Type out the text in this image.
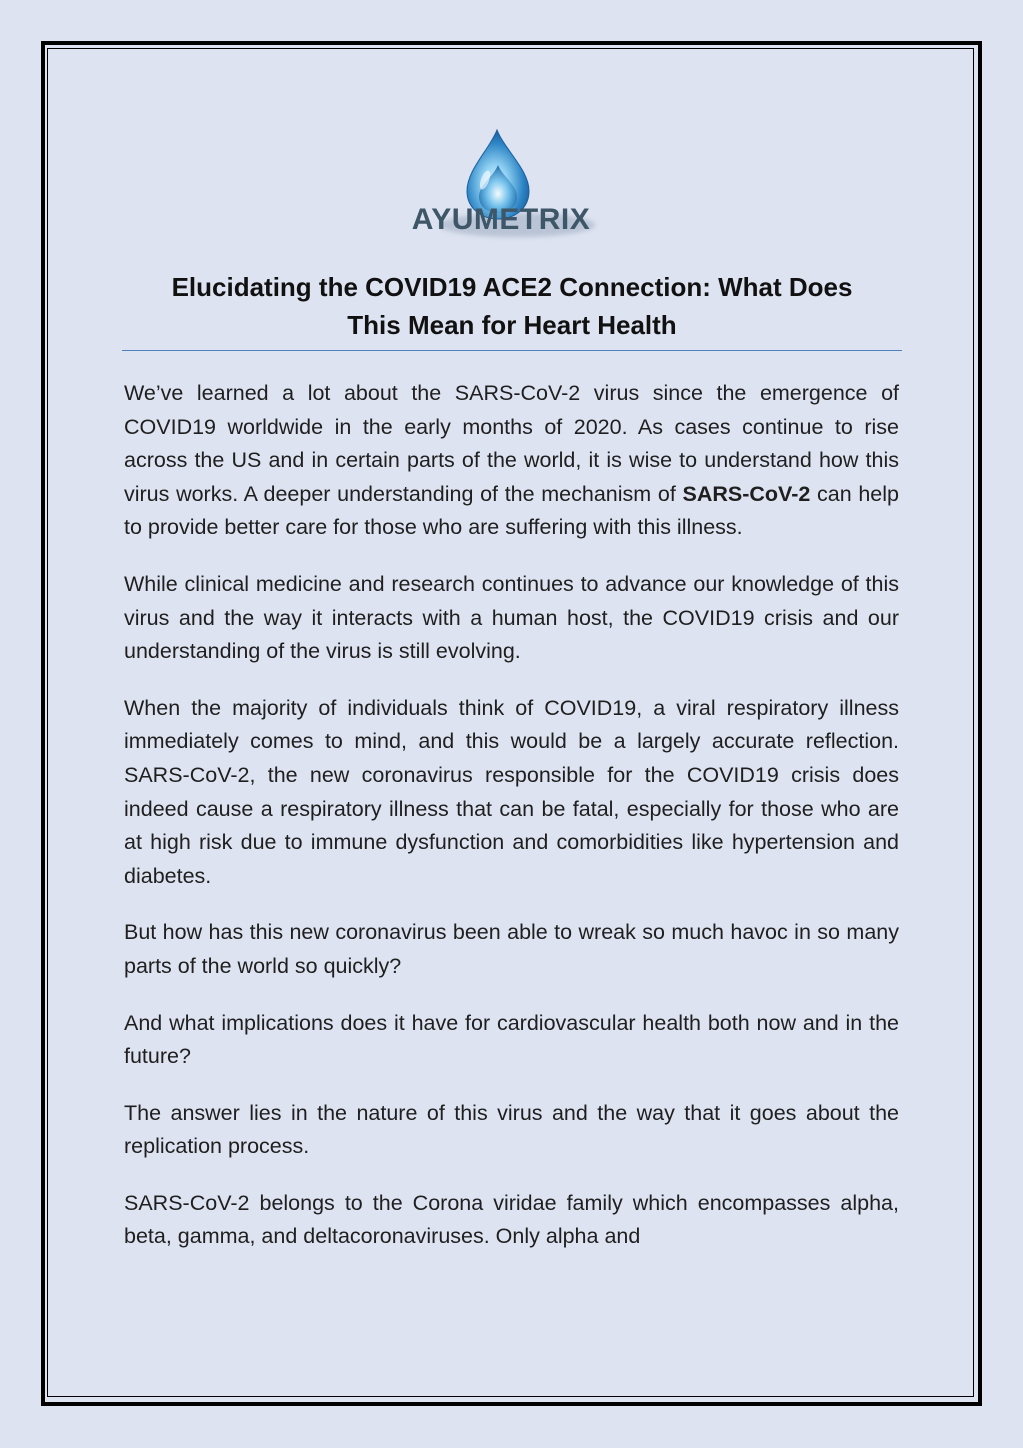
AYUMETRIX
Elucidating the COVID19 ACE2 Connection: What Does
This Mean for Heart Health

We’ve learned a lot about the SARS-CoV-2 virus since the emergence of COVID19 worldwide in the early months of 2020. As cases continue to rise across the US and in certain parts of the world, it is wise to understand how this virus works. A deeper understanding of the mechanism of SARS-CoV-2 can help to provide better care for those who are suffering with this illness.

While clinical medicine and research continues to advance our knowledge of this virus and the way it interacts with a human host, the COVID19 crisis and our understanding of the virus is still evolving.

When the majority of individuals think of COVID19, a viral respiratory illness immediately comes to mind, and this would be a largely accurate reflection. SARS-CoV-2, the new coronavirus responsible for the COVID19 crisis does indeed cause a respiratory illness that can be fatal, especially for those who are at high risk due to immune dysfunction and comorbidities like hypertension and diabetes.

But how has this new coronavirus been able to wreak so much havoc in so many parts of the world so quickly?

And what implications does it have for cardiovascular health both now and in the future?

The answer lies in the nature of this virus and the way that it goes about the replication process.

SARS-CoV-2 belongs to the Corona viridae family which encompasses alpha, beta, gamma, and deltacoronaviruses. Only alpha and
